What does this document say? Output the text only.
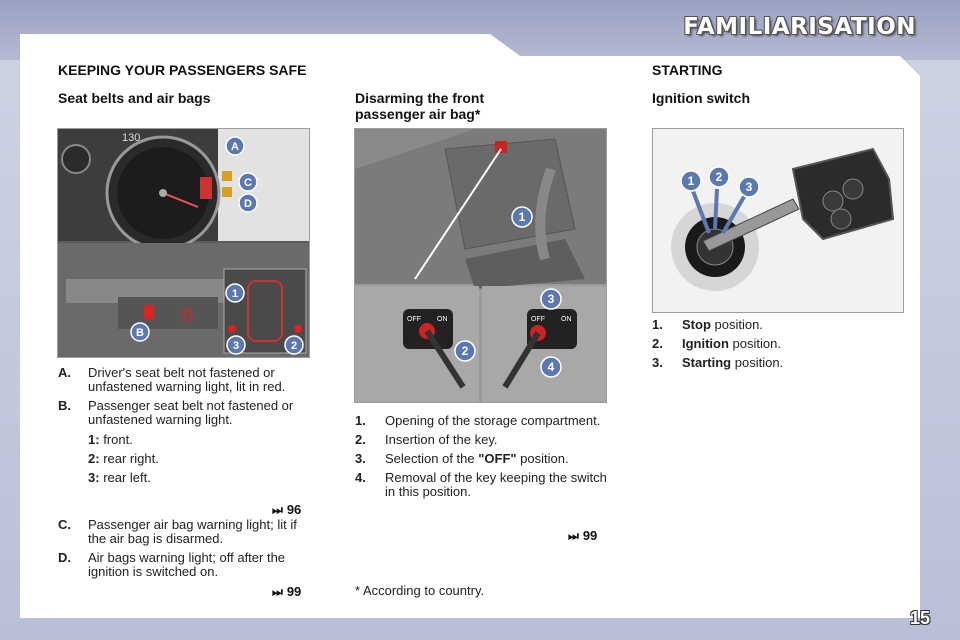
FAMILIARISATION
KEEPING YOUR PASSENGERS SAFE
Seat belts and air bags
130
A
C
D
:0
1
3	2
B
A. Driver's seat belt not fastened or unfastened warning light, lit in red.
B. Passenger seat belt not fastened or unfastened warning light.
1: front.
2: rear right.
3: rear left.
⏭ 96
C. Passenger air bag warning light; lit if the air bag is disarmed.
D. Air bags warning light; off after the ignition is switched on.
⏭ 99
Disarming the front
passenger air bag*
1
OFF ON	OFF ON
2
3
4
1. Opening of the storage compartment.
2. Insertion of the key.
3. Selection of the "OFF" position.
4. Removal of the key keeping the switch in this position.
⏭ 99
* According to country.
STARTING
Ignition switch
1 2
3
1. Stop position.
2. Ignition position.
3. Starting position.
15
